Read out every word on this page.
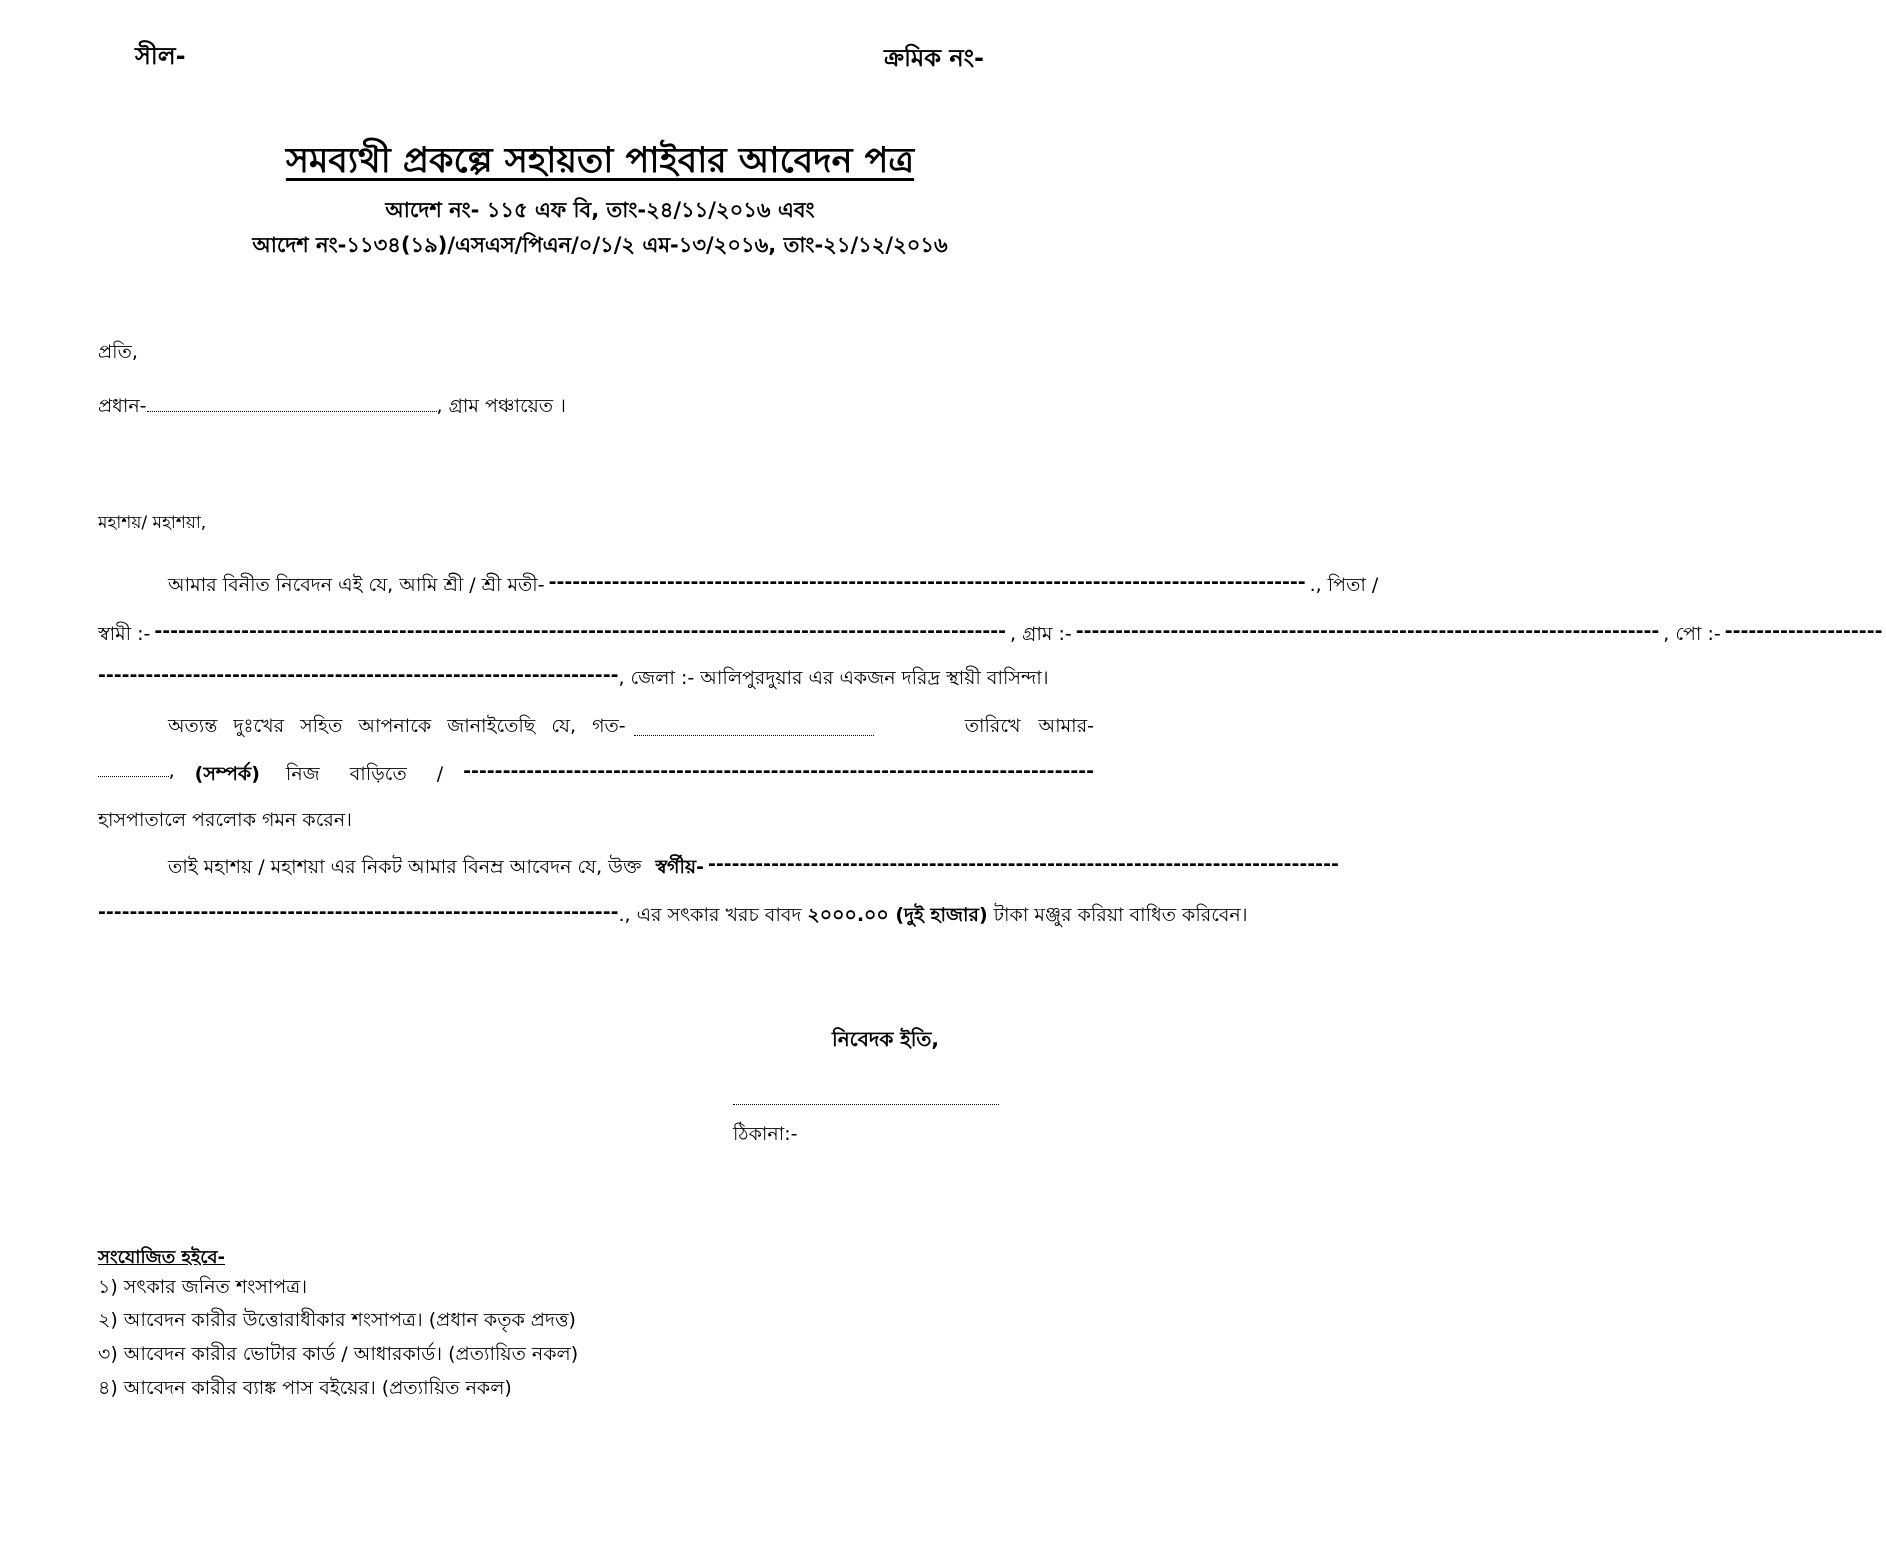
সীল-	ক্রমিক নং-
সমব্যথী প্রকল্পে সহায়তা পাইবার আবেদন পত্র
আদেশ নং- ১১৫ এফ বি, তাং-২৪/১১/২০১৬ এবং
আদেশ নং-১১৩৪(১৯)/এসএস/পিএন/০/১/২ এম-১৩/২০১৬, তাং-২১/১২/২০১৬
প্রতি,
প্রধান-	, গ্রাম পঞ্চায়েত ।
মহাশয়/ মহাশয়া,
আমার বিনীত নিবেদন এই যে, আমি শ্রী / শ্রী মতী- ------------------------------------------------------------------------------------------------ ., পিতা /
স্বামী :- ------------------------------------------------------------------------------------------------------------ , গ্রাম :- -------------------------------------------------------------------------- , পো :- --------------------
------------------------------------------------------------------ , জেলা :- আলিপুরদুয়ার এর একজন দরিদ্র স্থায়ী বাসিন্দা।
অত্যন্ত দুঃখের সহিত আপনাকে জানাইতেছি যে, গত-	তারিখে আমার-
, (সম্পর্ক) নিজ বাড়িতে /	--------------------------------------------------------------------------------
হাসপাতালে পরলোক গমন করেন।
তাই মহাশয় / মহাশয়া এর নিকট আমার বিনম্র আবেদন যে, উক্ত স্বর্গীয়- --------------------------------------------------------------------------------
------------------------------------------------------------------ ., এর সৎকার খরচ বাবদ ২০০০.০০ (দুই হাজার) টাকা মঞ্জুর করিয়া বাধিত করিবেন।
নিবেদক ইতি,
ঠিকানা:-
সংযোজিত হইবে-
১) সৎকার জনিত শংসাপত্র।
২) আবেদন কারীর উত্তোরাধীকার শংসাপত্র। (প্রধান কতৃক প্রদত্ত)
৩) আবেদন কারীর ভোটার কার্ড / আধারকার্ড। (প্রত্যায়িত নকল)
৪) আবেদন কারীর ব্যাঙ্ক পাস বইয়ের। (প্রত্যায়িত নকল)
